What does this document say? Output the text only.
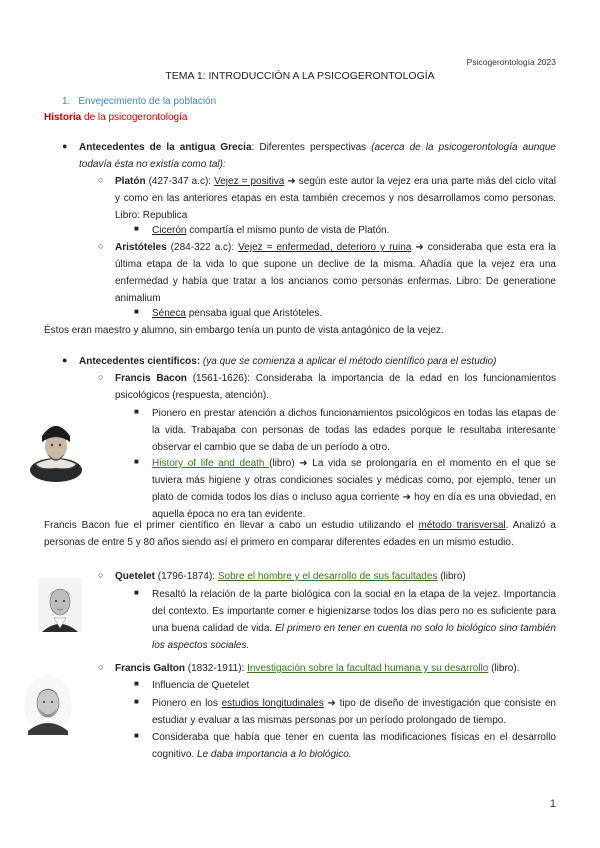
Psicogerontología 2023
TEMA 1: INTRODUCCIÓN A LA PSICOGERONTOLOGÍA
1. Envejecimiento de la población
Historia de la psicogerontología
● Antecedentes de la antigua Grecia: Diferentes perspectivas (acerca de la psicogerontología aunque todavía ésta no existía como tal):
○ Platón (427-347 a.c): Vejez = positiva ➜ según este autor la vejez era una parte más del ciclo vital y como en las anteriores etapas en esta también crecemos y nos desarrollamos como personas. Libro: Republica
■ Cicerón compartía el mismo punto de vista de Platón.
○ Aristóteles (284-322 a.c): Vejez = enfermedad, deterioro y ruina ➜ consideraba que esta era la última etapa de la vida lo que supone un declive de la misma. Añadía que la vejez era una enfermedad y había que tratar a los ancianos como personas enfermas. Libro: De generatione animalium
■ Séneca pensaba igual que Aristóteles.
Éstos eran maestro y alumno, sin embargo tenía un punto de vista antagónico de la vejez.
● Antecedentes científicos: (ya que se comienza a aplicar el método científico para el estudio)
○ Francis Bacon (1561-1626): Consideraba la importancia de la edad en los funcionamientos psicológicos (respuesta, atención).
■ Pionero en prestar atención a dichos funcionamientos psicológicos en todas las etapas de la vida. Trabajaba con personas de todas las edades porque le resultaba interesante observar el cambio que se daba de un período a otro.
■ History of life and death (libro) ➜ La vida se prolongaría en el momento en el que se tuviera más higiene y otras condiciones sociales y médicas como, por ejemplo, tener un plato de comida todos los días o incluso agua corriente ➜ hoy en día es una obviedad, en aquella época no era tan evidente.
Francis Bacon fue el primer científico en llevar a cabo un estudio utilizando el método transversal. Analizó a personas de entre 5 y 80 años siendo así el primero en comparar diferentes edades en un mismo estudio.
○ Quetelet (1796-1874): Sobre el hombre y el desarrollo de sus facultades (libro)
■ Resaltó la relación de la parte biológica con la social en la etapa de la vejez. Importancia del contexto. Es importante comer e higienizarse todos los días pero no es suficiente para una buena calidad de vida. El primero en tener en cuenta no solo lo biológico sino también los aspectos sociales.
○ Francis Galton (1832-1911): Investigación sobre la facultad humana y su desarrollo (libro).
■ Influencia de Quetelet
■ Pionero en los estudios longitudinales ➜ tipo de diseño de investigación que consiste en estudiar y evaluar a las mismas personas por un período prolongado de tiempo.
■ Consideraba que había que tener en cuenta las modificaciones físicas en el desarrollo cognitivo. Le daba importancia a lo biológico.
1
